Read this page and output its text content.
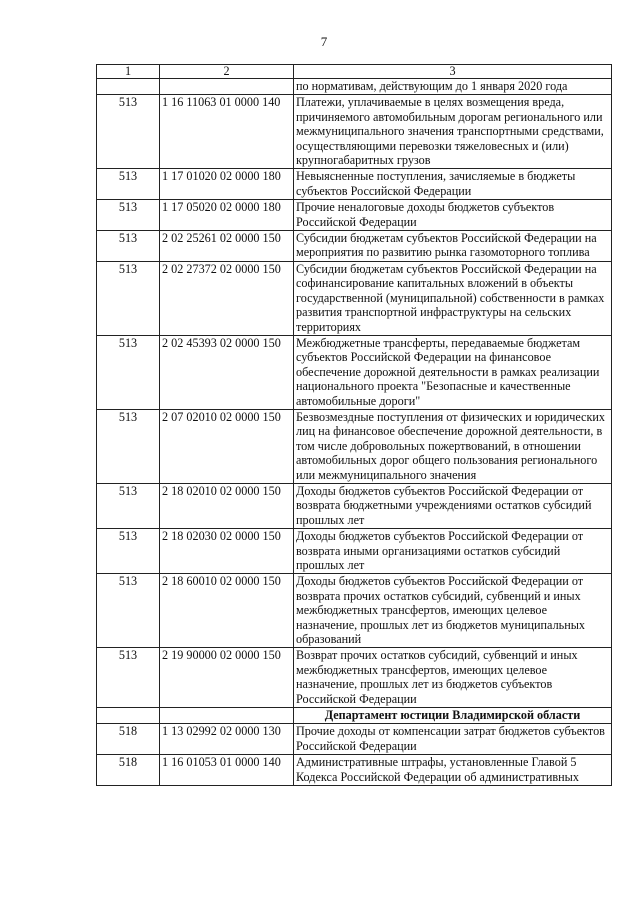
7
1	2	3
		по нормативам, действующим до 1 января 2020 года
513	1 16 11063 01 0000 140	Платежи, уплачиваемые в целях возмещения вреда, причиняемого автомобильным дорогам регионального или межмуниципального значения транспортными средствами, осуществляющими перевозки тяжеловесных и (или) крупногабаритных грузов
513	1 17 01020 02 0000 180	Невыясненные поступления, зачисляемые в бюджеты субъектов Российской Федерации
513	1 17 05020 02 0000 180	Прочие неналоговые доходы бюджетов субъектов Российской Федерации
513	2 02 25261 02 0000 150	Субсидии бюджетам субъектов Российской Федерации на мероприятия по развитию рынка газомоторного топлива
513	2 02 27372 02 0000 150	Субсидии бюджетам субъектов Российской Федерации на софинансирование капитальных вложений в объекты государственной (муниципальной) собственности в рамках развития транспортной инфраструктуры на сельских территориях
513	2 02 45393 02 0000 150	Межбюджетные трансферты, передаваемые бюджетам субъектов Российской Федерации на финансовое обеспечение дорожной деятельности в рамках реализации национального проекта "Безопасные и качественные автомобильные дороги"
513	2 07 02010 02 0000 150	Безвозмездные поступления от физических и юридических лиц на финансовое обеспечение дорожной деятельности, в том числе добровольных пожертвований, в отношении автомобильных дорог общего пользования регионального или межмуниципального значения
513	2 18 02010 02 0000 150	Доходы бюджетов субъектов Российской Федерации от возврата бюджетными учреждениями остатков субсидий прошлых лет
513	2 18 02030 02 0000 150	Доходы бюджетов субъектов Российской Федерации от возврата иными организациями остатков субсидий прошлых лет
513	2 18 60010 02 0000 150	Доходы бюджетов субъектов Российской Федерации от возврата прочих остатков субсидий, субвенций и иных межбюджетных трансфертов, имеющих целевое назначение, прошлых лет из бюджетов муниципальных образований
513	2 19 90000 02 0000 150	Возврат прочих остатков субсидий, субвенций и иных межбюджетных трансфертов, имеющих целевое назначение, прошлых лет из бюджетов субъектов Российской Федерации
		Департамент юстиции Владимирской области
518	1 13 02992 02 0000 130	Прочие доходы от компенсации затрат бюджетов субъектов Российской Федерации
518	1 16 01053 01 0000 140	Административные штрафы, установленные Главой 5 Кодекса Российской Федерации об административных
